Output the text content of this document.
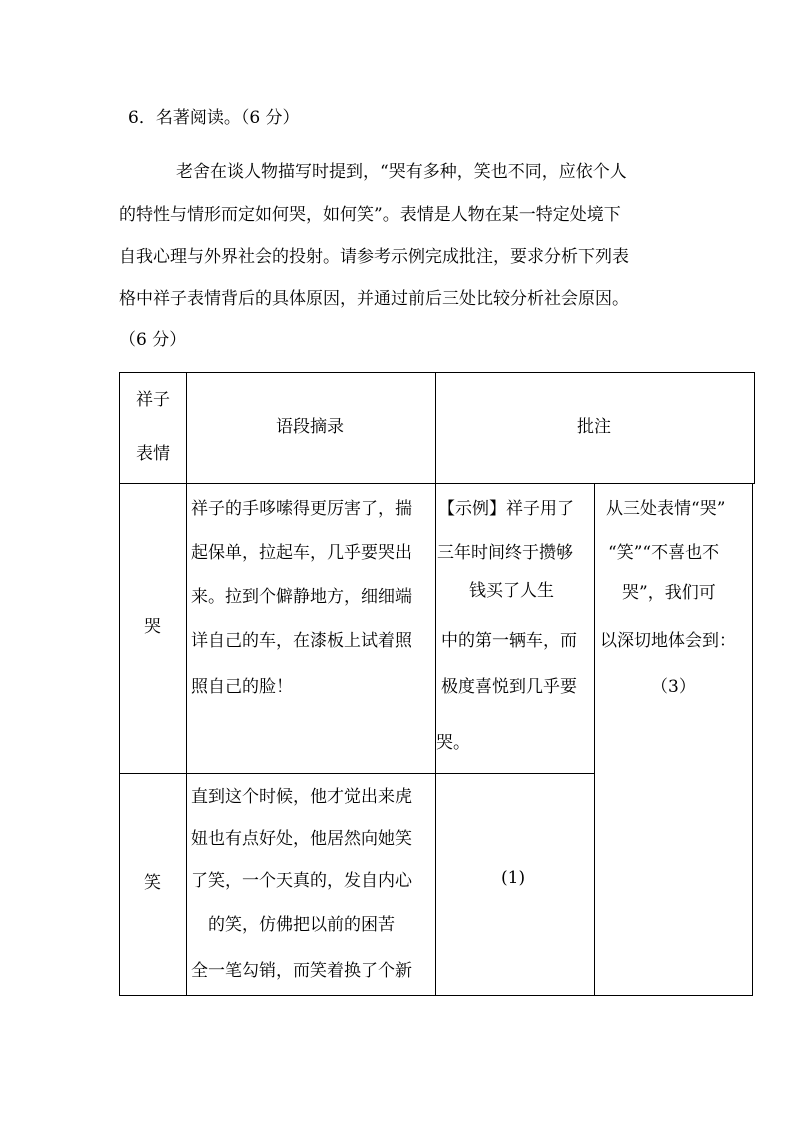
6．名著阅读。（6 分）
老舍在谈人物描写时提到，“哭有多种，笑也不同，应依个人
的特性与情形而定如何哭，如何笑”。表情是人物在某一特定处境下
自我心理与外界社会的投射。请参考示例完成批注，要求分析下列表
格中祥子表情背后的具体原因，并通过前后三处比较分析社会原因。
（6 分）
祥子
表情
语段摘录	批注
哭
祥子的手哆嗦得更厉害了，揣
起保单，拉起车，几乎要哭出
来。拉到个僻静地方，细细端
详自己的车，在漆板上试着照
照自己的脸！
【示例】祥子用了
三年时间终于攒够
钱买了人生
中的第一辆车，而
极度喜悦到几乎要
哭。
笑
直到这个时候，他才觉出来虎
妞也有点好处，他居然向她笑
了笑，一个天真的，发自内心
的笑，仿佛把以前的困苦
全一笔勾销，而笑着换了个新
(1)
从三处表情“哭”
“笑”“不喜也不
哭”，我们可
以深切地体会到：
（3）
